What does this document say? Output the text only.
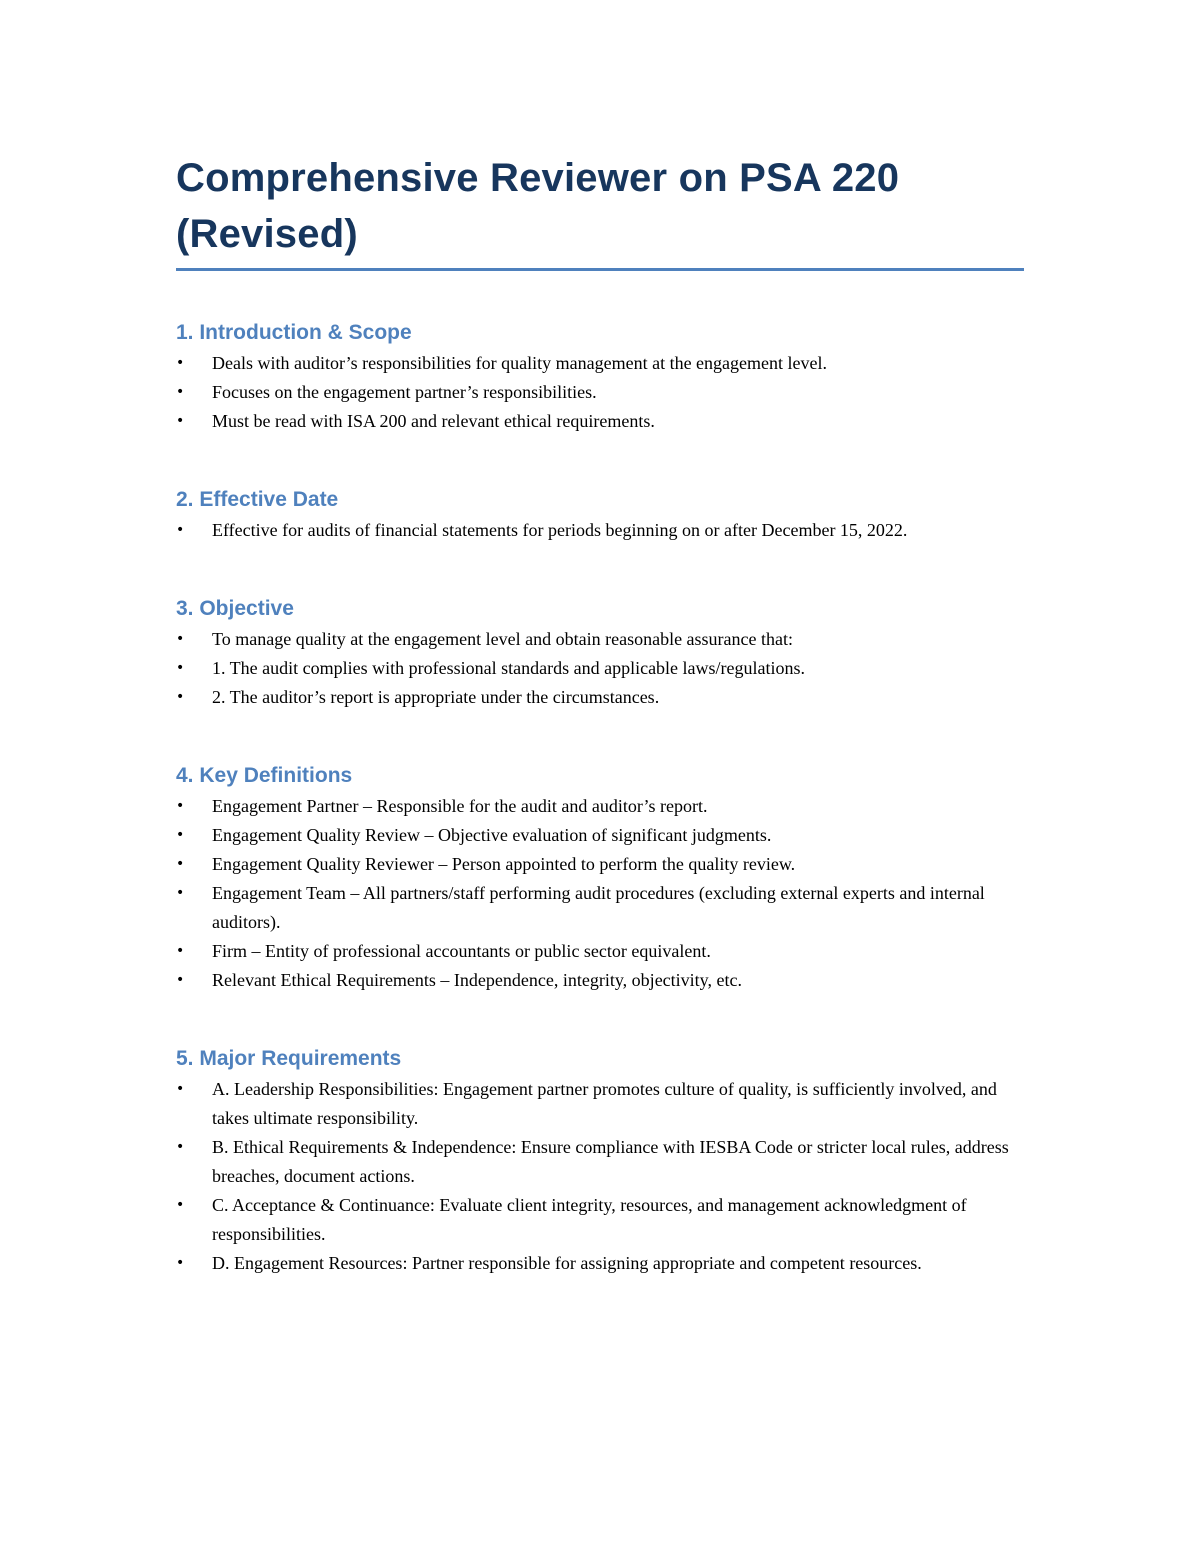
Comprehensive Reviewer on PSA 220 (Revised)
1. Introduction & Scope
• Deals with auditor’s responsibilities for quality management at the engagement level.
• Focuses on the engagement partner’s responsibilities.
• Must be read with ISA 200 and relevant ethical requirements.
2. Effective Date
• Effective for audits of financial statements for periods beginning on or after December 15, 2022.
3. Objective
• To manage quality at the engagement level and obtain reasonable assurance that:
• 1. The audit complies with professional standards and applicable laws/regulations.
• 2. The auditor’s report is appropriate under the circumstances.
4. Key Definitions
• Engagement Partner – Responsible for the audit and auditor’s report.
• Engagement Quality Review – Objective evaluation of significant judgments.
• Engagement Quality Reviewer – Person appointed to perform the quality review.
• Engagement Team – All partners/staff performing audit procedures (excluding external experts and internal auditors).
• Firm – Entity of professional accountants or public sector equivalent.
• Relevant Ethical Requirements – Independence, integrity, objectivity, etc.
5. Major Requirements
• A. Leadership Responsibilities: Engagement partner promotes culture of quality, is sufficiently involved, and takes ultimate responsibility.
• B. Ethical Requirements & Independence: Ensure compliance with IESBA Code or stricter local rules, address breaches, document actions.
• C. Acceptance & Continuance: Evaluate client integrity, resources, and management acknowledgment of responsibilities.
• D. Engagement Resources: Partner responsible for assigning appropriate and competent resources.
